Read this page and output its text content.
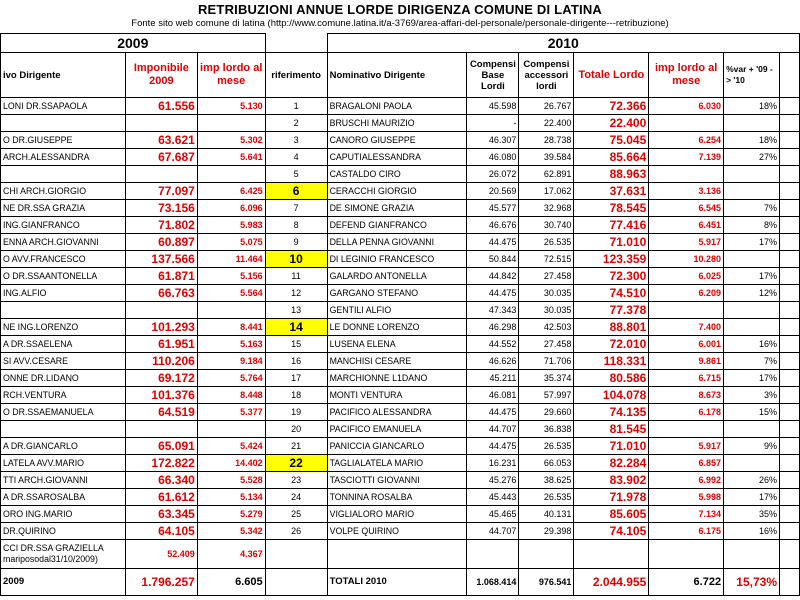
RETRIBUZIONI ANNUE LORDE DIRIGENZA COMUNE DI LATINA
Fonte sito web comune di latina (http://www.comune.latina.it/a-3769/area-affari-del-personale/personale-dirigente---retribuzione)
2009				2010						
ivo Dirigente	Imponibile 2009	imp lordo al mese	riferimento	Nominativo Dirigente	Compensi Base Lordi	Compensi accessori lordi	Totale Lordo	imp lordo al mese	%var + '09 -> '10	
LONI DR.SSAPAOLA	61.556	5.130	1	BRAGALONI PAOLA	45.598	26.767	72.366	6.030	18%	
			2	BRUSCHI MAURIZIO	-	22.400	22.400			
O DR.GIUSEPPE	63.621	5.302	3	CANORO GIUSEPPE	46.307	28.738	75.045	6.254	18%	
ARCH.ALESSANDRA	67.687	5.641	4	CAPUTIALESSANDRA	46.080	39.584	85.664	7.139	27%	
			5	CASTALDO CIRO	26.072	62.891	88.963			
CHI ARCH.GIORGIO	77.097	6.425	6	CERACCHI GIORGIO	20.569	17.062	37.631	3.136		
NE DR.SSA GRAZIA	73.156	6.096	7	DE SIMONE GRAZIA	45.577	32.968	78.545	6.545	7%	
ING.GIANFRANCO	71.802	5.983	8	DEFEND GIANFRANCO	46.676	30.740	77.416	6.451	8%	
ENNA ARCH.GIOVANNI	60.897	5.075	9	DELLA PENNA GIOVANNI	44.475	26.535	71.010	5.917	17%	
O AVV.FRANCESCO	137.566	11.464	10	DI LEGINIO FRANCESCO	50.844	72.515	123.359	10.280		
O DR.SSAANTONELLA	61.871	5.156	11	GALARDO ANTONELLA	44.842	27.458	72.300	6.025	17%	
ING.ALFIO	66.763	5.564	12	GARGANO STEFANO	44.475	30.035	74.510	6.209	12%	
			13	GENTILI ALFIO	47.343	30.035	77.378			
NE ING.LORENZO	101.293	8.441	14	LE DONNE LORENZO	46.298	42.503	88.801	7.400		
A DR.SSAELENA	61.951	5.163	15	LUSENA ELENA	44.552	27.458	72.010	6.001	16%	
SI AVV.CESARE	110.206	9.184	16	MANCHISI CESARE	46.626	71.706	118.331	9.861	7%	
ONNE DR.LIDANO	69.172	5.764	17	MARCHIONNE L1DANO	45.211	35.374	80.586	6.715	17%	
RCH.VENTURA	101.376	8.448	18	MONTI VENTURA	46.081	57.997	104.078	8.673	3%	
O DR.SSAEMANUELA	64.519	5.377	19	PACIFICO ALESSANDRA	44.475	29.660	74.135	6.178	15%	
			20	PACIFICO EMANUELA	44.707	36.838	81.545			
A DR.GIANCARLO	65.091	5.424	21	PANICCIA GIANCARLO	44.475	26.535	71.010	5.917	9%	
LATELA AVV.MARIO	172.822	14.402	22	TAGLIALATELA MARIO	16.231	66.053	82.284	6.857		
TTI ARCH.GIOVANNI	66.340	5.528	23	TASCIOTTI GIOVANNI	45.276	38.625	83.902	6.992	26%	
A DR.SSAROSALBA	61.612	5.134	24	TONNINA ROSALBA	45.443	26.535	71.978	5.998	17%	
ORO ING.MARIO	63.345	5.279	25	VIGLIALORO MARIO	45.465	40.131	85.605	7.134	35%	
DR.QUIRINO	64.105	5.342	26	VOLPE QUIRINO	44.707	29.398	74.105	6.175	16%	
CCI DR.SSA GRAZIELLA
mariposodal31/10/2009)	52.409	4.367								
2009	1.796.257	6.605		TOTALI 2010	1.068.414	976.541	2.044.955	6.722	15,73%	
